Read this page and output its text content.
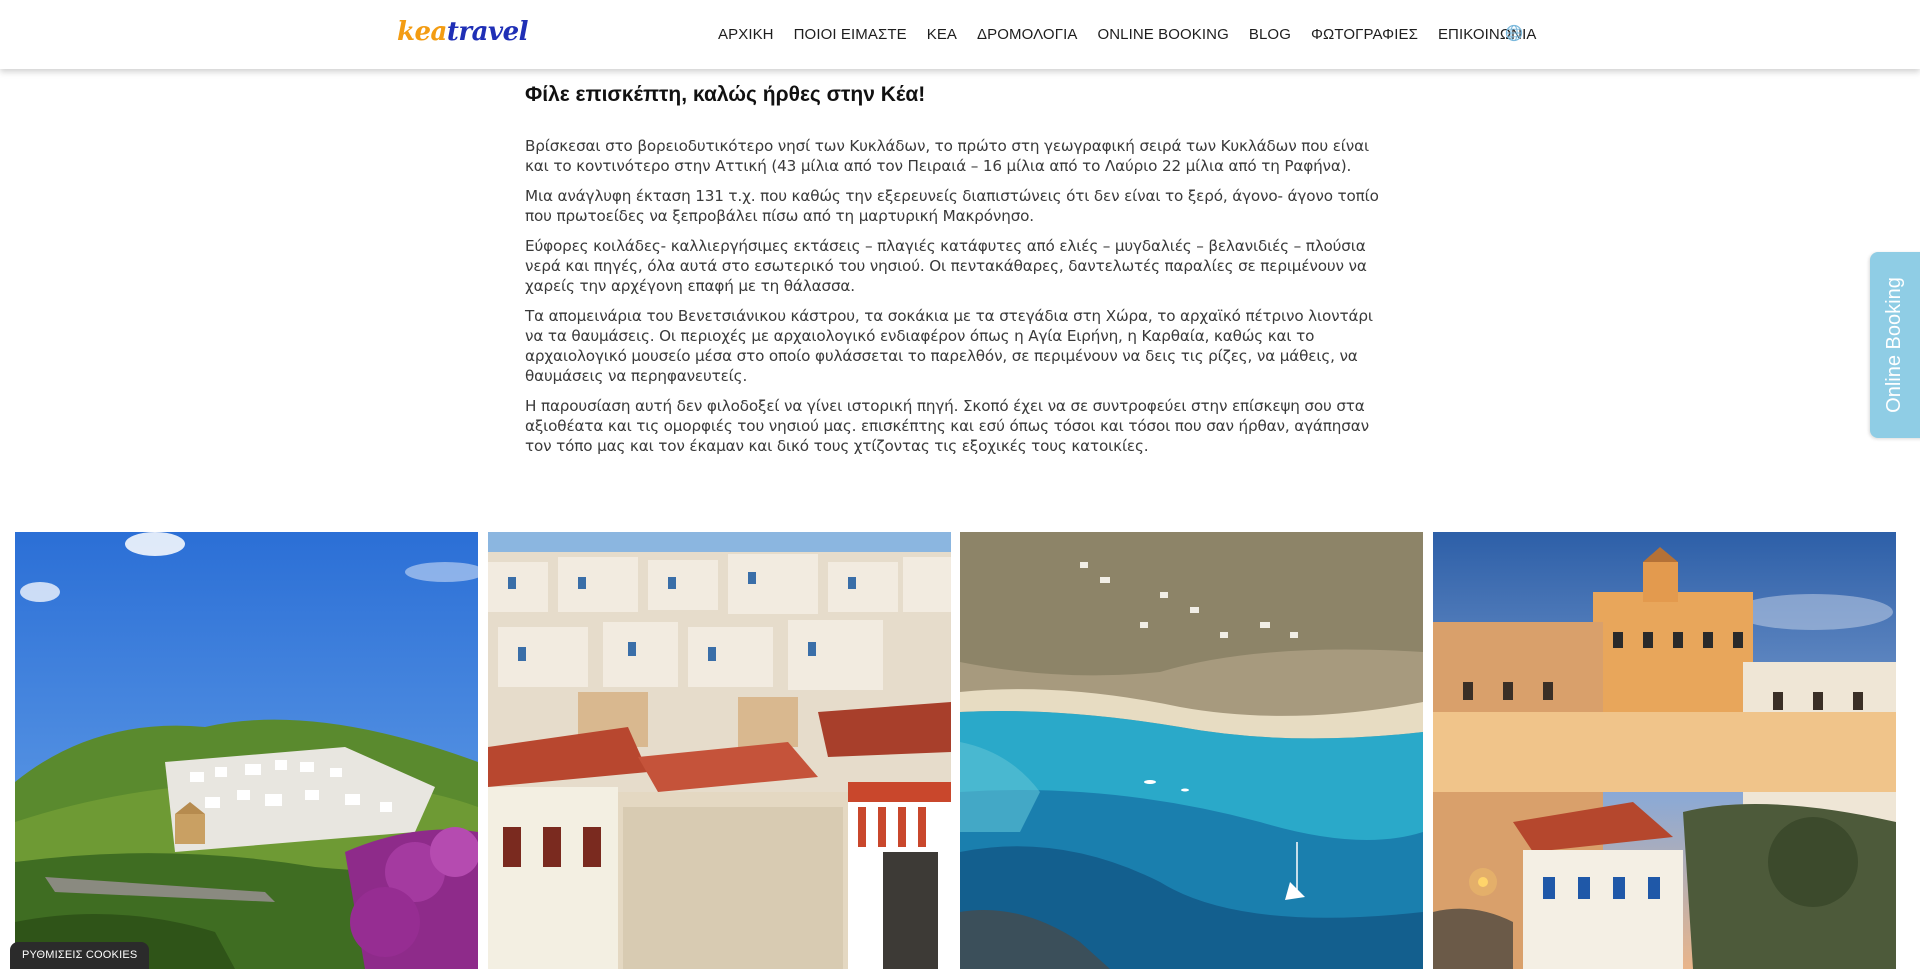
keatravel	ΑΡΧΙΚΗ ΠΟΙΟΙ ΕΙΜΑΣΤΕ ΚΕΑ ΔΡΟΜΟΛΟΓΙΑ ONLINE BOOKING BLOG ΦΩΤΟΓΡΑΦΙΕΣ ΕΠΙΚΟΙΝΩΝΙΑ
Φίλε επισκέπτη, καλώς ήρθες στην Κέα!

Βρίσκεσαι στο βορειοδυτικότερο νησί των Κυκλάδων, το πρώτο στη γεωγραφική σειρά των Κυκλάδων που είναι και το κοντινότερο στην Αττική (43 μίλια από τον Πειραιά – 16 μίλια από το Λαύριο 22 μίλια από τη Ραφήνα).

Μια ανάγλυφη έκταση 131 τ.χ. που καθώς την εξερευνείς διαπιστώνεις ότι δεν είναι το ξερό, άγονο- άγονο τοπίο που πρωτοείδες να ξεπροβάλει πίσω από τη μαρτυρική Μακρόνησο.

Εύφορες κοιλάδες- καλλιεργήσιμες εκτάσεις – πλαγιές κατάφυτες από ελιές – μυγδαλιές – βελανιδιές – πλούσια νερά και πηγές, όλα αυτά στο εσωτερικό του νησιού. Οι πεντακάθαρες, δαντελωτές παραλίες σε περιμένουν να χαρείς την αρχέγονη επαφή με τη θάλασσα.

Τα απομεινάρια του Βενετσιάνικου κάστρου, τα σοκάκια με τα στεγάδια στη Χώρα, το αρχαϊκό πέτρινο λιοντάρι να τα θαυμάσεις. Οι περιοχές με αρχαιολογικό ενδιαφέρον όπως η Αγία Ειρήνη, η Καρθαία, καθώς και το αρχαιολογικό μουσείο μέσα στο οποίο φυλάσσεται το παρελθόν, σε περιμένουν να δεις τις ρίζες, να μάθεις, να θαυμάσεις να περηφανευτείς.

Η παρουσίαση αυτή δεν φιλοδοξεί να γίνει ιστορική πηγή. Σκοπό έχει να σε συντροφεύει στην επίσκεψη σου στα αξιοθέατα και τις ομορφιές του νησιού μας. επισκέπτης και εσύ όπως τόσοι και τόσοι που σαν ήρθαν, αγάπησαν τον τόπο μας και τον έκαμαν και δικό τους χτίζοντας τις εξοχικές τους κατοικίες.

Online Booking
ΡΥΘΜΙΣΕΙΣ COOKIES
